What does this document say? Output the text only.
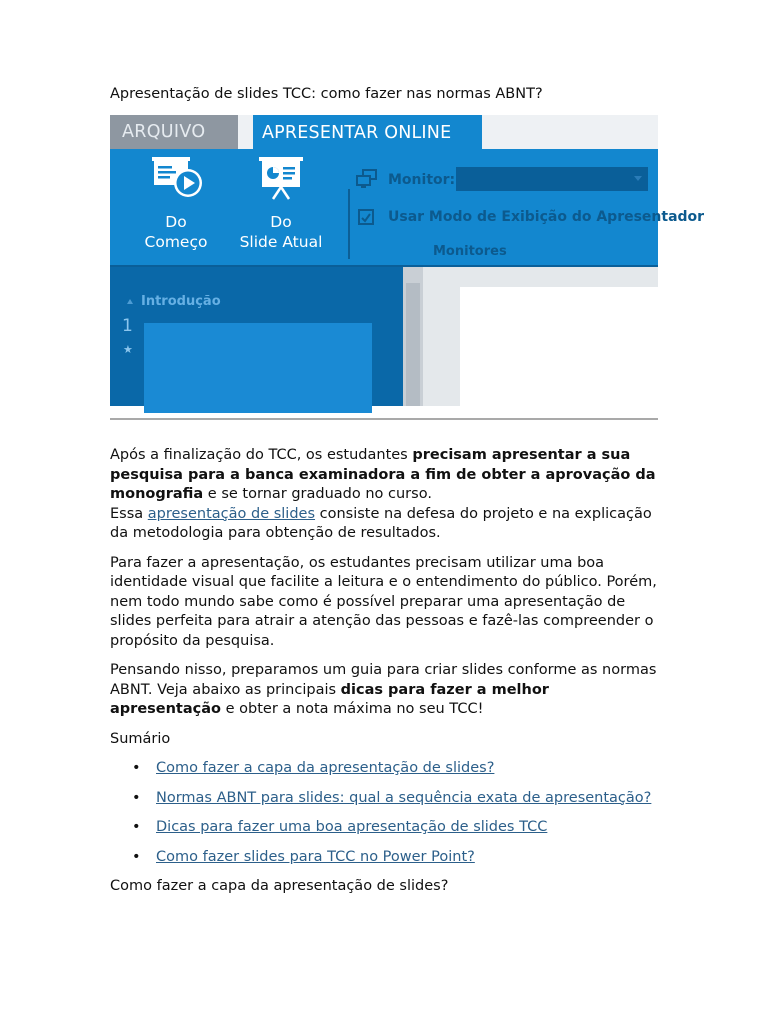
Apresentação de slides TCC: como fazer nas normas ABNT?
ARQUIVO	APRESENTAR ONLINE
Do
Começo
Do
Slide Atual
Monitor:
Usar Modo de Exibição do Apresentador
Monitores
Introdução
1
★

Após a finalização do TCC, os estudantes precisam apresentar a sua pesquisa para a banca examinadora a fim de obter a aprovação da monografia e se tornar graduado no curso.
Essa apresentação de slides consiste na defesa do projeto e na explicação da metodologia para obtenção de resultados.

Para fazer a apresentação, os estudantes precisam utilizar uma boa identidade visual que facilite a leitura e o entendimento do público. Porém, nem todo mundo sabe como é possível preparar uma apresentação de slides perfeita para atrair a atenção das pessoas e fazê-las compreender o propósito da pesquisa.

Pensando nisso, preparamos um guia para criar slides conforme as normas ABNT. Veja abaixo as principais dicas para fazer a melhor apresentação e obter a nota máxima no seu TCC!

Sumário

• Como fazer a capa da apresentação de slides?
• Normas ABNT para slides: qual a sequência exata de apresentação?
• Dicas para fazer uma boa apresentação de slides TCC
• Como fazer slides para TCC no Power Point?

Como fazer a capa da apresentação de slides?
